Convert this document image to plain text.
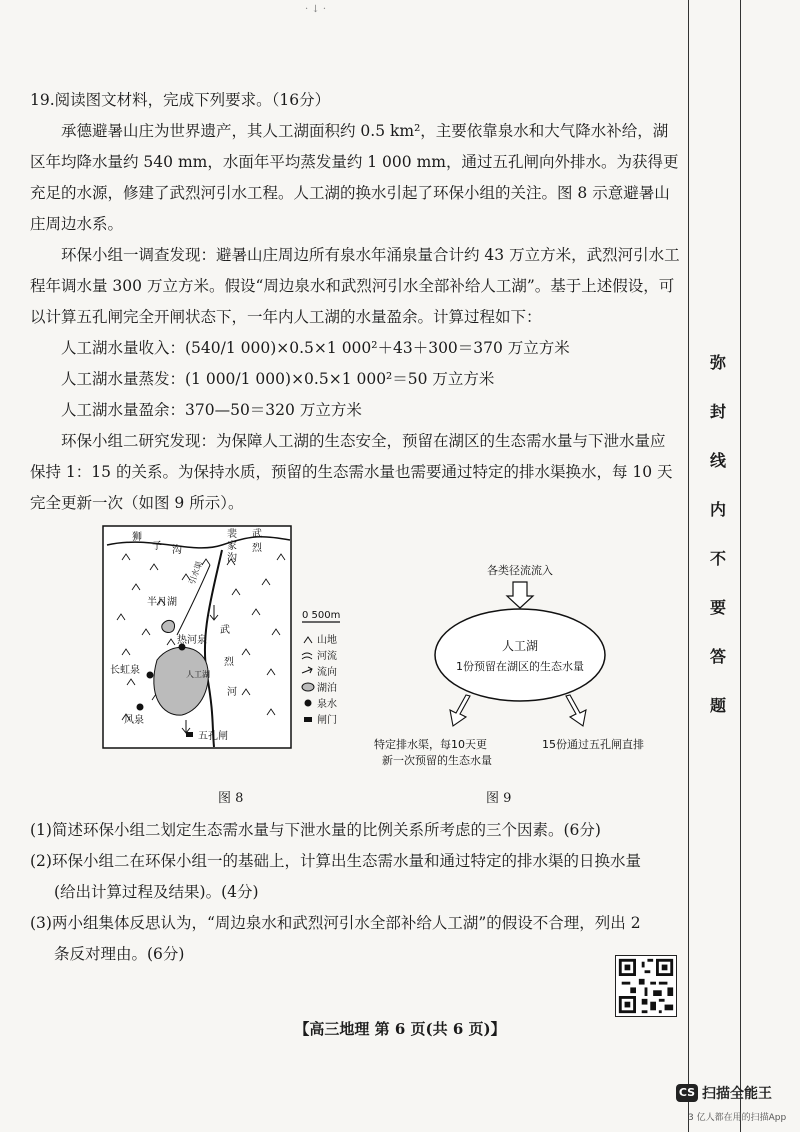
· ↓ ·
弥
封
线
内
不
要
答
题

19.阅读图文材料，完成下列要求。（16分）

承德避暑山庄为世界遗产，其人工湖面积约 0.5 km²，主要依靠泉水和大气降水补给，湖区年均降水量约 540 mm，水面年平均蒸发量约 1 000 mm，通过五孔闸向外排水。为获得更充足的水源，修建了武烈河引水工程。人工湖的换水引起了环保小组的关注。图 8 示意避暑山庄周边水系。

环保小组一调查发现：避暑山庄周边所有泉水年涌泉量合计约 43 万立方米，武烈河引水工程年调水量 300 万立方米。假设“周边泉水和武烈河引水全部补给人工湖”。基于上述假设，可以计算五孔闸完全开闸状态下，一年内人工湖的水量盈余。计算过程如下：

人工湖水量收入：(540/1 000)×0.5×1 000²＋43＋300＝370 万立方米

人工湖水量蒸发：(1 000/1 000)×0.5×1 000²＝50 万立方米

人工湖水量盈余：370—50＝320 万立方米

环保小组二研究发现：为保障人工湖的生态安全，预留在湖区的生态需水量与下泄水量应保持 1：15 的关系。为保持水质，预留的生态需水量也需要通过特定的排水渠换水，每 10 天完全更新一次（如图 9 所示）。

狮
子 沟
裴
家
沟
武
烈
武
烈
河
引水渠
半月湖
热河泉
长虹泉
风泉
五孔闸
人工湖
0 500m
山地
河流
流向
湖泊
泉水
闸门
图 8
各类径流流入
人工湖
1份预留在湖区的生态水量
特定排水渠，每10天更
新一次预留的生态水量
15份通过五孔闸直排
图 9

(1)简述环保小组二划定生态需水量与下泄水量的比例关系所考虑的三个因素。(6分)

(2)环保小组二在环保小组一的基础上，计算出生态需水量和通过特定的排水渠的日换水量

(给出计算过程及结果)。(4分)

(3)两小组集体反思认为，“周边泉水和武烈河引水全部补给人工湖”的假设不合理，列出 2

条反对理由。(6分)

【高三地理 第 6 页(共 6 页)】
CS 扫描全能王
3 亿人都在用的扫描App
